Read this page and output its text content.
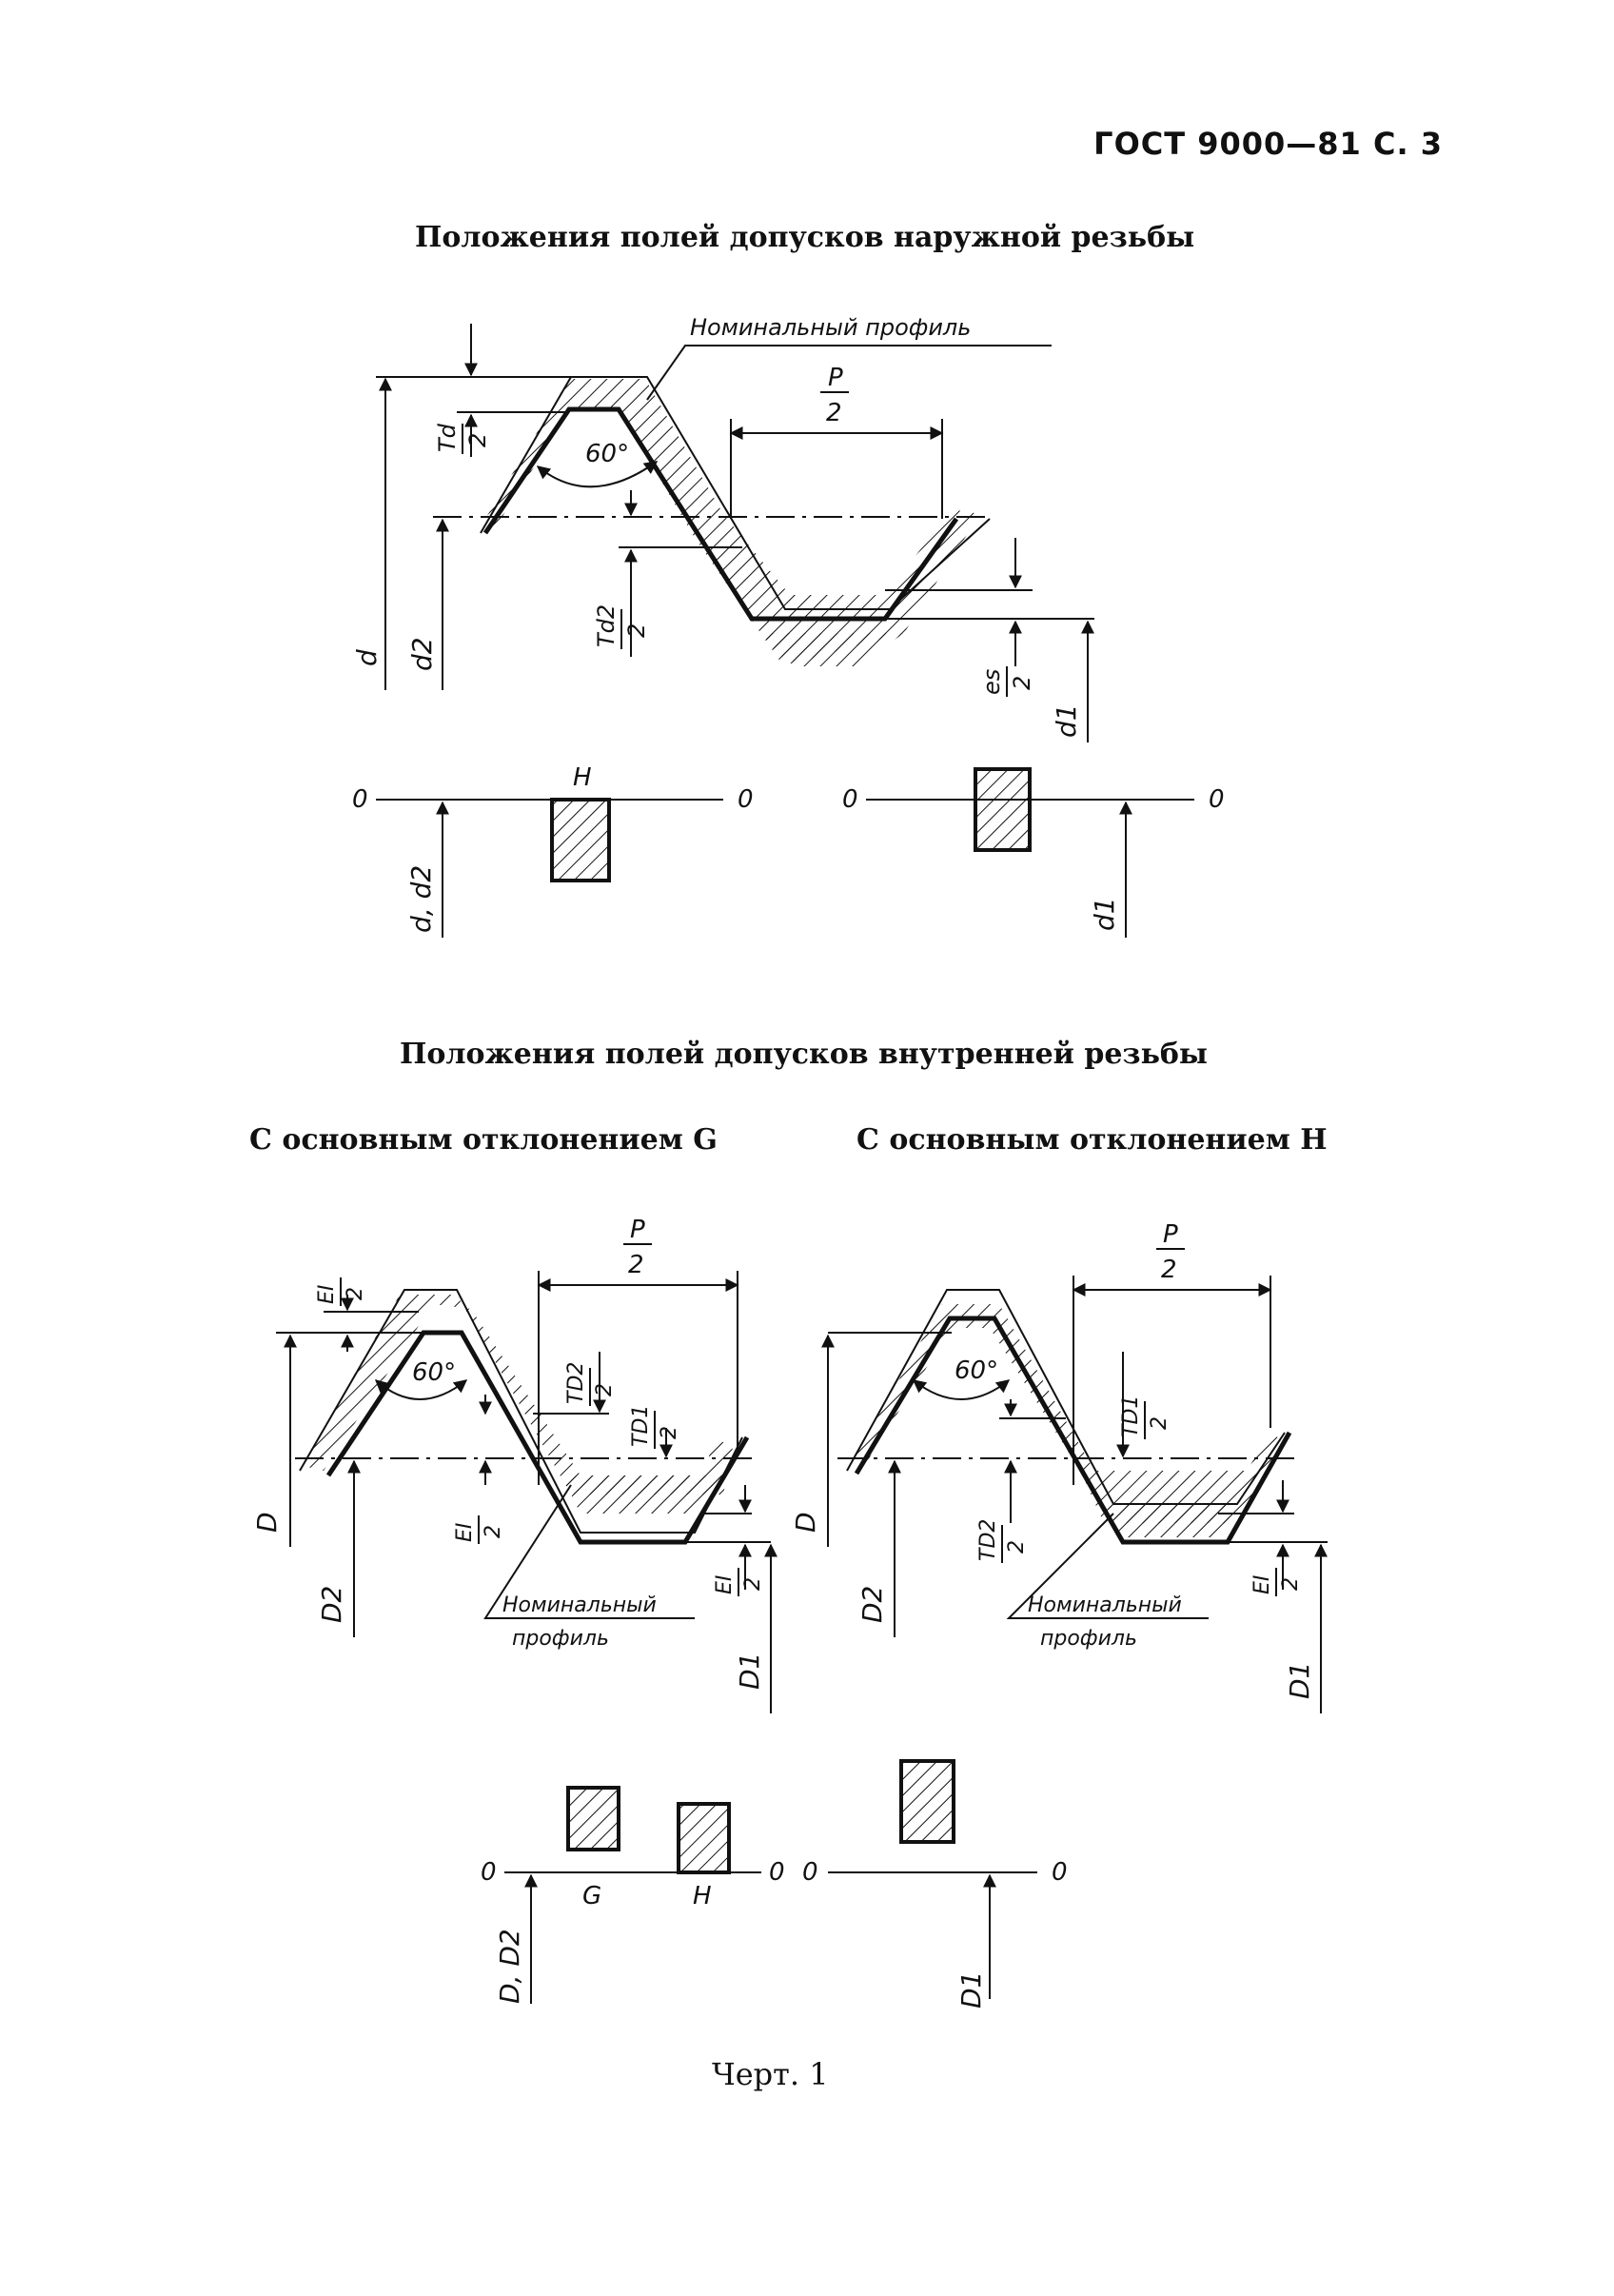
ГОСТ 9000—81 С. 3
Положения полей допусков наружной резьбы
Положения полей допусков внутренней резьбы
С основным отклонением G	С основным отклонением H
Черт. 1
Номинальный профиль
60°
P
2
Td 2
d d2
Td2 2
es 2
d1
0	0
H
d, d2
0	0
d1
60°
P
2
EI 2
D
D2
TD2 2
TD1 2
EI 2
EI 2
D1
Номинальный
профиль
60°
P
2
D
D2
TD2 2
TD1 2
EI 2
D1
Номинальный
профиль
0	0
G	H
D, D2
0	0
D1
